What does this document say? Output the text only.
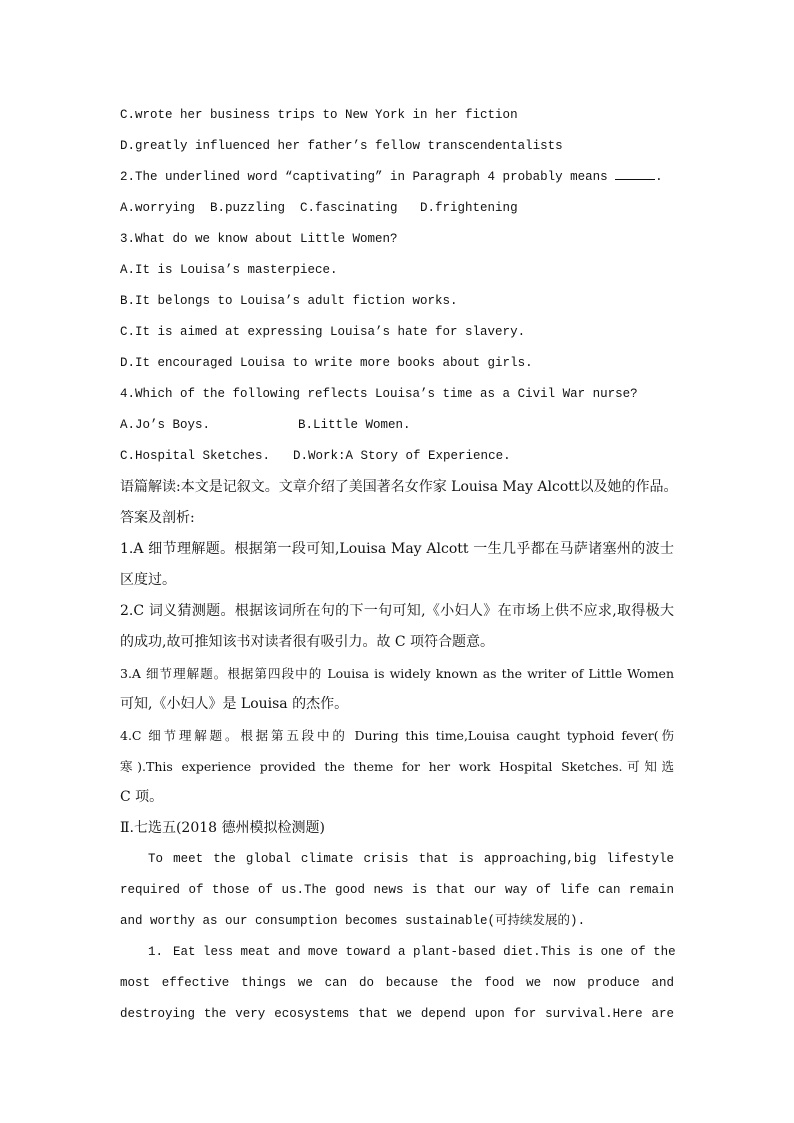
C.wrote her business trips to New York in her fiction
D.greatly influenced her father’s fellow transcendentalists
2.The underlined word “captivating” in Paragraph 4 probably means	.
A.worrying  B.puzzling  C.fascinating   D.frightening
3.What do we know about Little Women?
A.It is Louisa’s masterpiece.
B.It belongs to Louisa’s adult fiction works.
C.It is aimed at expressing Louisa’s hate for slavery.
D.It encouraged Louisa to write more books about girls.
4.Which of the following reflects Louisa’s time as a Civil War nurse?
A.Jo’s Boys.	B.Little Women.
C.Hospital Sketches. D.Work:A Story of Experience.
语篇解读:本文是记叙文。文章介绍了美国著名女作家 Louisa May Alcott以及她的作品。
答案及剖析:
1.A 细节理解题。根据第一段可知,Louisa May Alcott 一生几乎都在马萨诸塞州的波士
区度过。
2.C 词义猜测题。根据该词所在句的下一句可知,《小妇人》在市场上供不应求,取得极大
的成功,故可推知该书对读者很有吸引力。故 C 项符合题意。
3.A 细节理解题。根据第四段中的 Louisa is widely known as the writer of Little Women
可知,《小妇人》是 Louisa 的杰作。
4.C 细节理解题。根据第五段中的 During this time,Louisa caught typhoid fever(伤
寒).This experience provided the theme for her work Hospital Sketches.可知选
C 项。
Ⅱ.七选五(2018 德州模拟检测题)
To meet the global climate crisis that is approaching,big lifestyle
required of those of us.The good news is that our way of life can remain
and worthy as our consumption becomes sustainable(可持续发展的).
1. Eat less meat and move toward a plant-based diet.This is one of the
most effective things we can do because the food we now produce and
destroying the very ecosystems that we depend upon for survival.Here are
